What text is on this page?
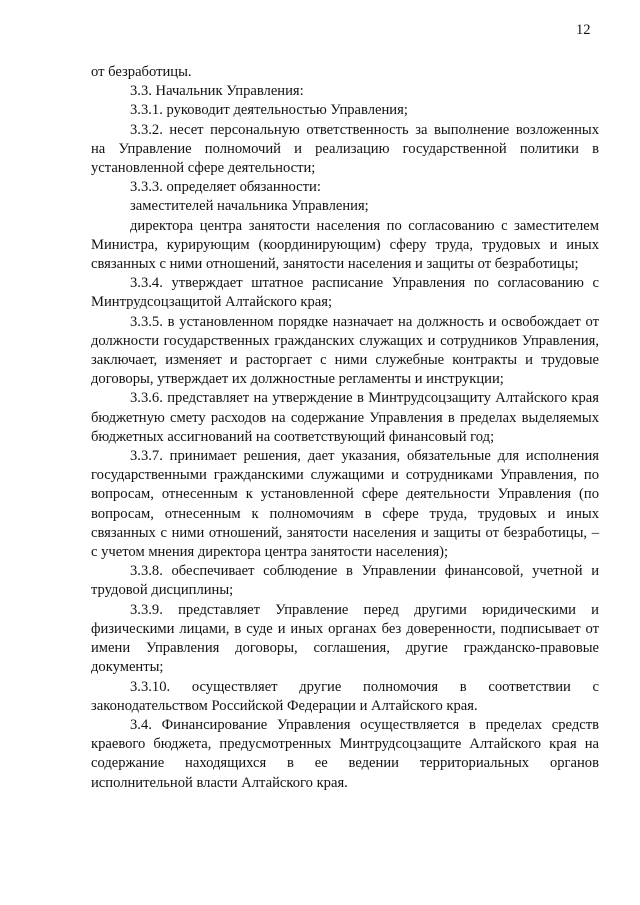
12

от безработицы.

3.3. Начальник Управления:

3.3.1. руководит деятельностью Управления;

3.3.2. несет персональную ответственность за выполнение возложенных на Управление полномочий и реализацию государственной политики в установленной сфере деятельности;

3.3.3. определяет обязанности:

заместителей начальника Управления;

директора центра занятости населения по согласованию с заместителем Министра, курирующим (координирующим) сферу труда, трудовых и иных связанных с ними отношений, занятости населения и защиты от безработицы;

3.3.4. утверждает штатное расписание Управления по согласованию с Минтрудсоцзащитой Алтайского края;

3.3.5. в установленном порядке назначает на должность и освобождает от должности государственных гражданских служащих и сотрудников Управления, заключает, изменяет и расторгает с ними служебные контракты и трудовые договоры, утверждает их должностные регламенты и инструкции;

3.3.6. представляет на утверждение в Минтрудсоцзащиту Алтайского края бюджетную смету расходов на содержание Управления в пределах выделяемых бюджетных ассигнований на соответствующий финансовый год;

3.3.7. принимает решения, дает указания, обязательные для исполнения государственными гражданскими служащими и сотрудниками Управления, по вопросам, отнесенным к установленной сфере деятельности Управления (по вопросам, отнесенным к полномочиям в сфере труда, трудовых и иных связанных с ними отношений, занятости населения и защиты от безработицы, – с учетом мнения директора центра занятости населения);

3.3.8. обеспечивает соблюдение в Управлении финансовой, учетной и трудовой дисциплины;

3.3.9. представляет Управление перед другими юридическими и физическими лицами, в суде и иных органах без доверенности, подписывает от имени Управления договоры, соглашения, другие гражданско-правовые документы;

3.3.10. осуществляет другие полномочия в соответствии с законодательством Российской Федерации и Алтайского края.

3.4. Финансирование Управления осуществляется в пределах средств краевого бюджета, предусмотренных Минтрудсоцзащите Алтайского края на содержание находящихся в ее ведении территориальных органов исполнительной власти Алтайского края.
